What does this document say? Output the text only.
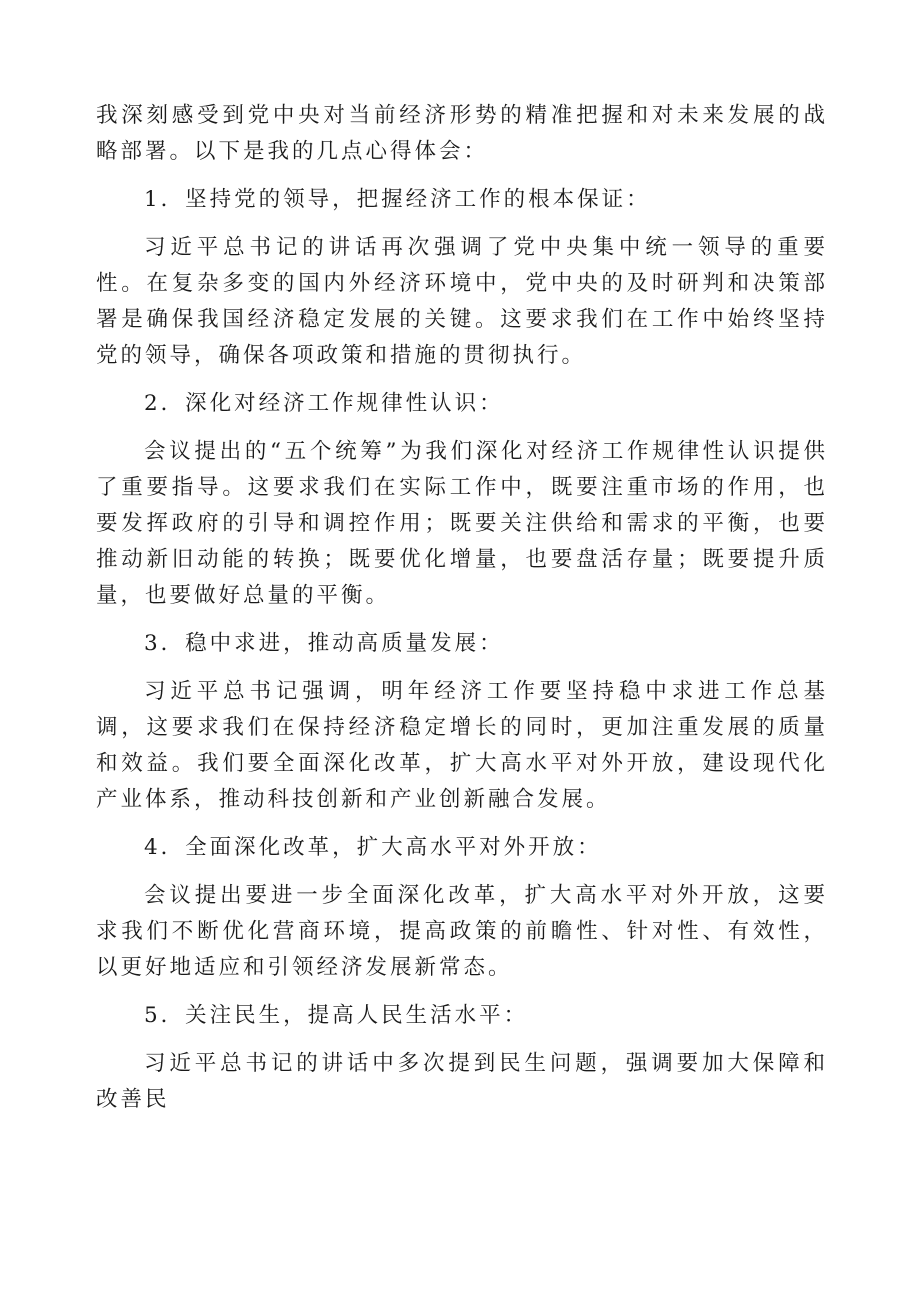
我深刻感受到党中央对当前经济形势的精准把握和对未来发展的战略部署。以下是我的几点心得体会：

1．坚持党的领导，把握经济工作的根本保证：

习近平总书记的讲话再次强调了党中央集中统一领导的重要性。在复杂多变的国内外经济环境中，党中央的及时研判和决策部署是确保我国经济稳定发展的关键。这要求我们在工作中始终坚持党的领导，确保各项政策和措施的贯彻执行。

2．深化对经济工作规律性认识：

会议提出的“五个统筹”为我们深化对经济工作规律性认识提供了重要指导。这要求我们在实际工作中，既要注重市场的作用，也要发挥政府的引导和调控作用；既要关注供给和需求的平衡，也要推动新旧动能的转换；既要优化增量，也要盘活存量；既要提升质量，也要做好总量的平衡。

3．稳中求进，推动高质量发展：

习近平总书记强调，明年经济工作要坚持稳中求进工作总基调，这要求我们在保持经济稳定增长的同时，更加注重发展的质量和效益。我们要全面深化改革，扩大高水平对外开放，建设现代化产业体系，推动科技创新和产业创新融合发展。

4．全面深化改革，扩大高水平对外开放：

会议提出要进一步全面深化改革，扩大高水平对外开放，这要求我们不断优化营商环境，提高政策的前瞻性、针对性、有效性，以更好地适应和引领经济发展新常态。

5．关注民生，提高人民生活水平：

习近平总书记的讲话中多次提到民生问题，强调要加大保障和改善民
